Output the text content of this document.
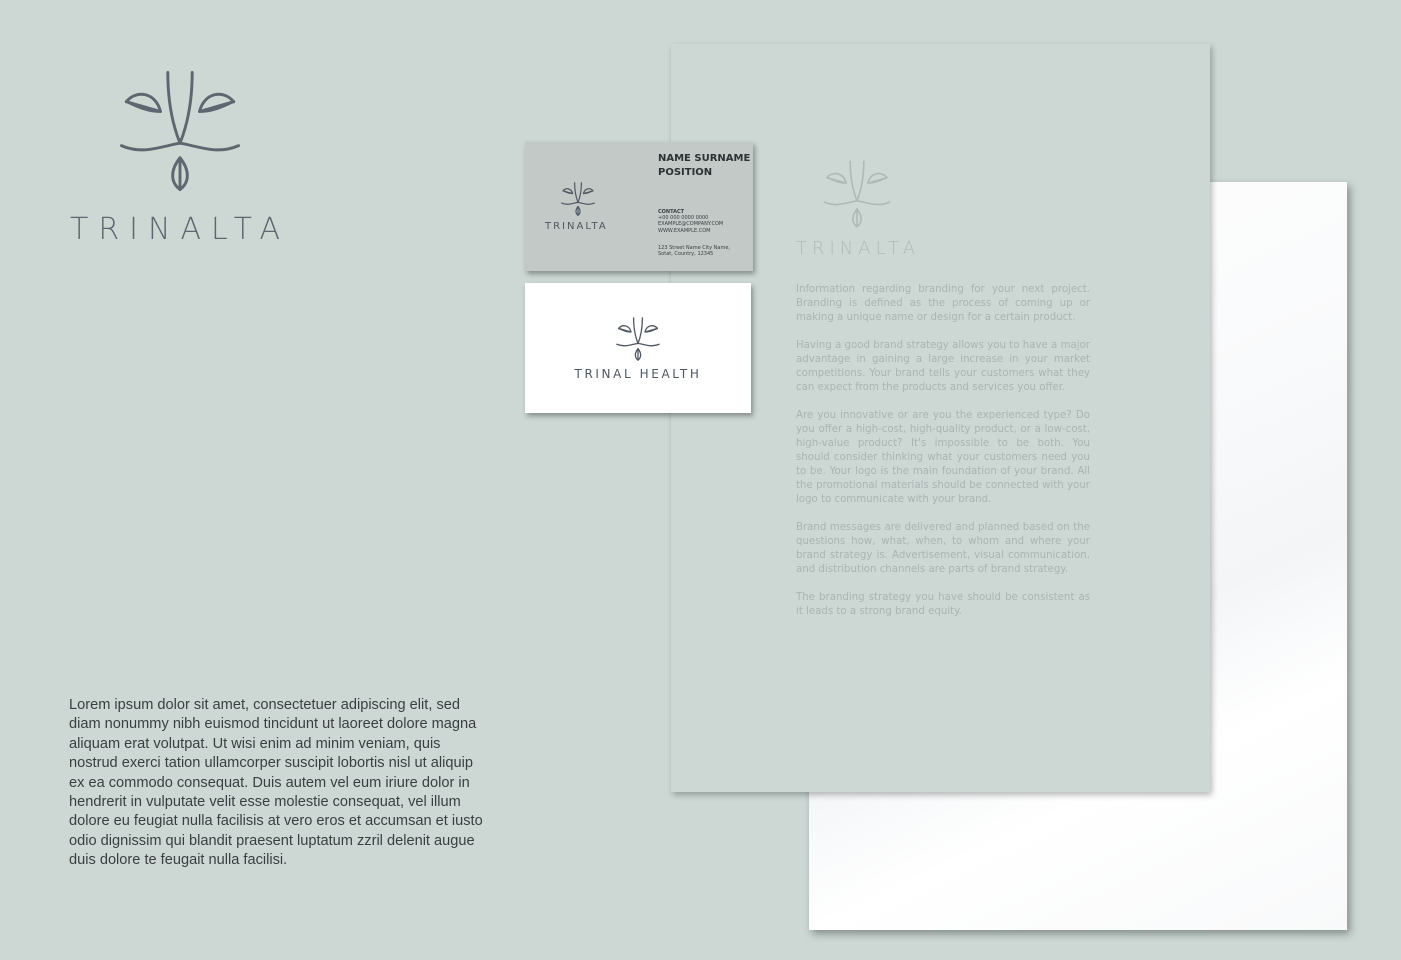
TRINALTA
Lorem ipsum dolor sit amet, consectetuer adipiscing elit, sed diam nonummy nibh euismod tincidunt ut laoreet dolore magna aliquam erat volutpat. Ut wisi enim ad minim veniam, quis nostrud exerci tation ullamcorper suscipit lobortis nisl ut aliquip ex ea commodo consequat. Duis autem vel eum iriure dolor in hendrerit in vulputate velit esse molestie consequat, vel illum dolore eu feugiat nulla facilisis at vero eros et accumsan et iusto odio dignissim qui blandit praesent luptatum zzril delenit augue duis dolore te feugait nulla facilisi.
TRINALTA

Information regarding branding for your next project. Branding is defined as the process of coming up or making a unique name or design for a certain product.

Having a good brand strategy allows you to have a major advantage in gaining a large increase in your market competitions. Your brand tells your customers what they can expect from the products and services you offer.

Are you innovative or are you the experienced type? Do you offer a high-cost, high-quality product, or a low-cost, high-value product? It's impossible to be both. You should consider thinking what your customers need you to be. Your logo is the main foundation of your brand. All the promotional materials should be connected with your logo to communicate with your brand.

Brand messages are delivered and planned based on the questions how, what, when, to whom and where your brand strategy is. Advertisement, visual communication, and distribution channels are parts of brand strategy.

The branding strategy you have should be consistent as it leads to a strong brand equity.

TRINALTA
NAME SURNAME
POSITION
CONTACT
+00 000 0000 0000
EXAMPLE@COMPANY.COM
WWW.EXAMPLE.COM
123 Street Name City Name,
Sotat, Country, 12345
TRINAL HEALTH
